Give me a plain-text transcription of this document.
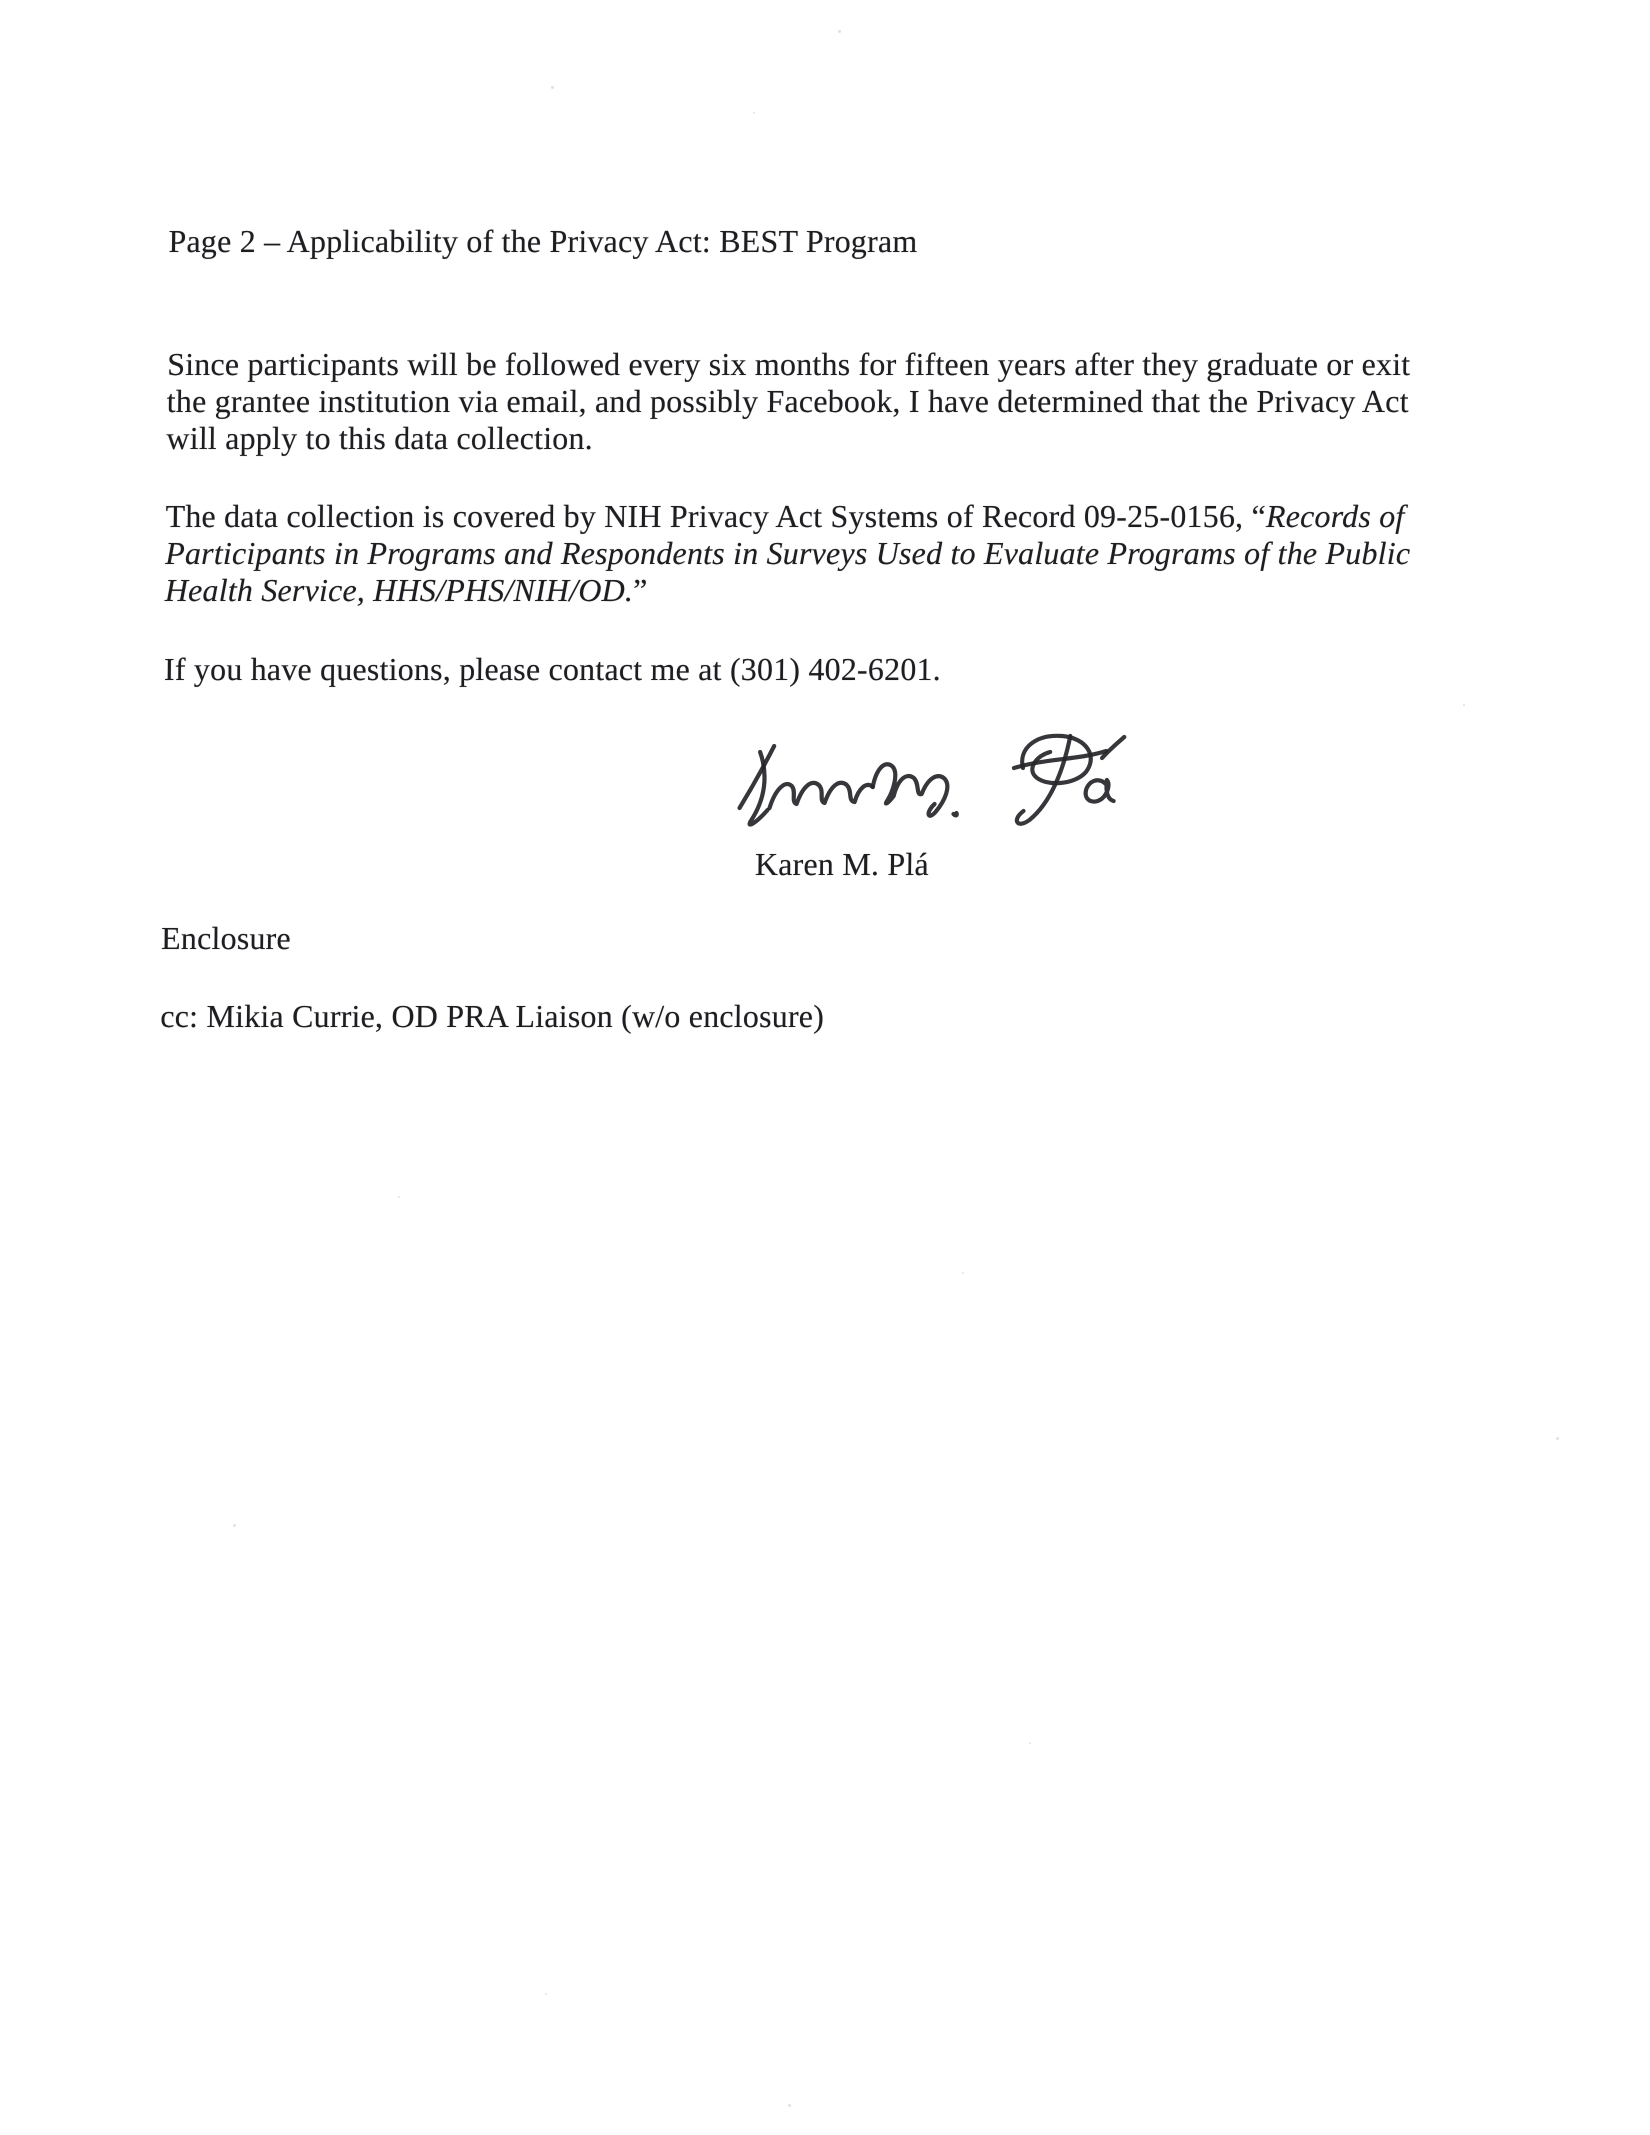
Page 2 – Applicability of the Privacy Act: BEST Program
Since participants will be followed every six months for fifteen years after they graduate or exit
the grantee institution via email, and possibly Facebook, I have determined that the Privacy Act
will apply to this data collection.
The data collection is covered by NIH Privacy Act Systems of Record 09-25-0156, “Records of
Participants in Programs and Respondents in Surveys Used to Evaluate Programs of the Public
Health Service, HHS/PHS/NIH/OD.”
If you have questions, please contact me at (301) 402-6201.
Karen M. Plá
Enclosure
cc: Mikia Currie, OD PRA Liaison (w/o enclosure)
